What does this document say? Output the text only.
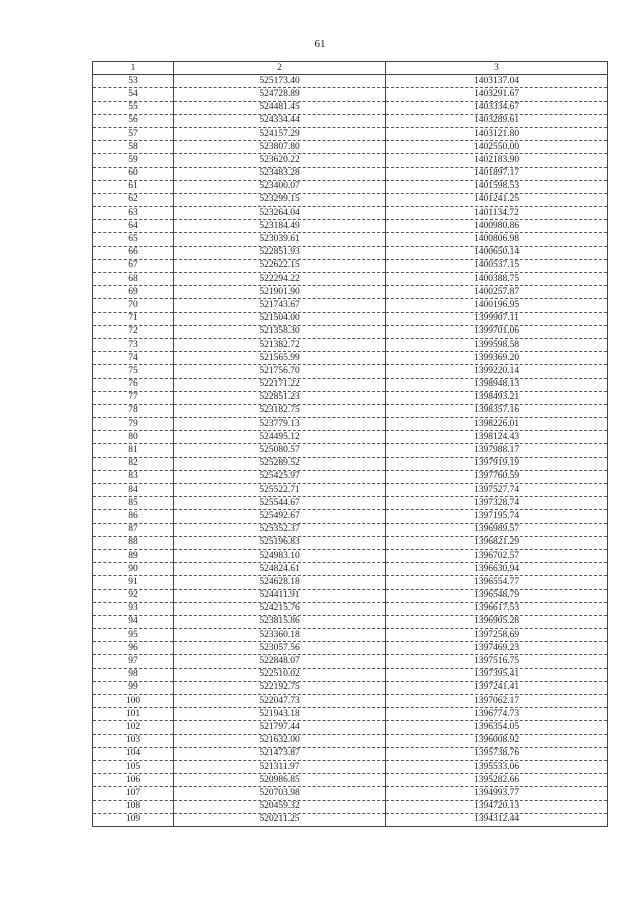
61
1	2	3
53	525173.40	1403137.04
54	524728.89	1403291.67
55	524481.45	1403334.67
56	524334.44	1403289.61
57	524157.29	1403121.80
58	523807.80	1402550.00
59	523620.22	1402183.90
60	523483.28	1401897.17
61	523400.07	1401598.53
62	523299.15	1401241.25
63	523264.04	1401134.72
64	523184.49	1400980.86
65	523039.61	1400806.98
66	522851.93	1400650.14
67	522622.15	1400537.15
68	522294.22	1400388.75
69	521901.90	1400257.87
70	521743.67	1400196.95
71	521504.00	1399907.11
72	521358.30	1399701.06
73	521382.72	1399598.58
74	521565.99	1399369.20
75	521756.70	1399220.14
76	522171.22	1398948.13
77	522851.23	1398493.21
78	523182.75	1398357.16
79	523779.13	1398226.01
80	524495.12	1398124.43
81	525080.57	1397988.17
82	525289.52	1397919.19
83	525425.97	1397760.59
84	525522.71	1397527.74
85	525544.67	1397328.74
86	525492.67	1397195.74
87	525352.37	1396989.57
88	525196.83	1396821.29
89	524983.10	1396702.57
90	524824.61	1396630.94
91	524628.18	1396554.77
92	524411.91	1396548.79
93	524215.76	1396617.53
94	523815.86	1396905.28
95	523360.18	1397258.69
96	523057.56	1397469.23
97	522848.07	1397516.75
98	522510.02	1397395.41
99	522192.75	1397241.41
100	522047.73	1397062.17
101	521943.18	1396774.73
102	521797.44	1396354.05
103	521632.00	1396008.92
104	521473.87	1395738.76
105	521311.97	1395533.06
106	520986.85	1395282.66
107	520703.98	1394993.77
108	520459.32	1394720.13
109	520211.25	1394312.44
